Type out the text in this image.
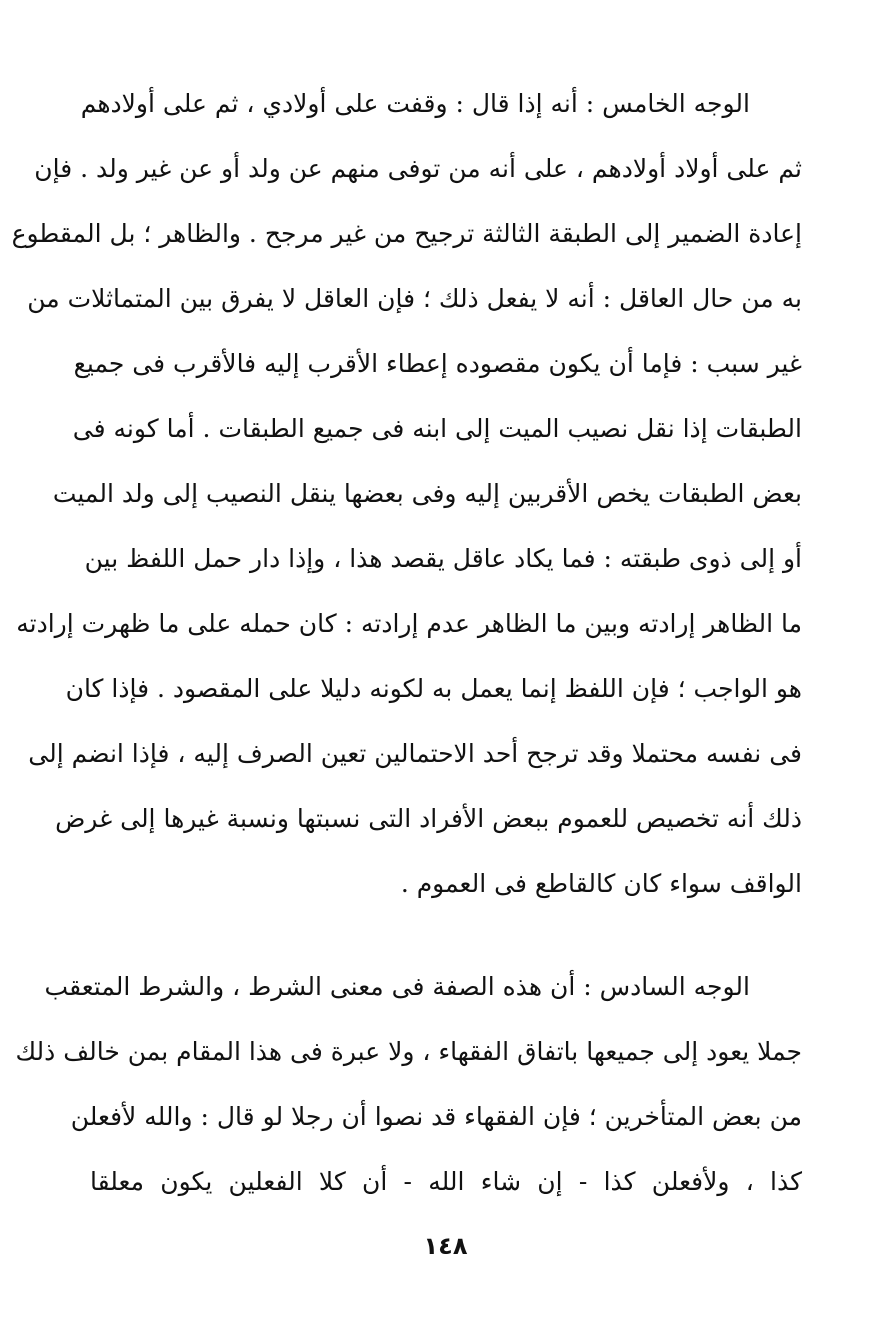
الوجه الخامس : أنه إذا قال : وقفت على أولادي ، ثم على أولادهم
ثم على أولاد أولادهم ، على أنه من توفى منهم عن ولد أو عن غير ولد . فإن
إعادة الضمير إلى الطبقة الثالثة ترجيح من غير مرجح . والظاهر ؛ بل المقطوع
به من حال العاقل : أنه لا يفعل ذلك ؛ فإن العاقل لا يفرق بين المتماثلات من
غير سبب : فإما أن يكون مقصوده إعطاء الأقرب إليه فالأقرب فى جميع
الطبقات إذا نقل نصيب الميت إلى ابنه فى جميع الطبقات . أما كونه فى
بعض الطبقات يخص الأقربين إليه وفى بعضها ينقل النصيب إلى ولد الميت
أو إلى ذوى طبقته : فما يكاد عاقل يقصد هذا ، وإذا دار حمل اللفظ بين
ما الظاهر إرادته وبين ما الظاهر عدم إرادته : كان حمله على ما ظهرت إرادته
هو الواجب ؛ فإن اللفظ إنما يعمل به لكونه دليلا على المقصود . فإذا كان
فى نفسه محتملا وقد ترجح أحد الاحتمالين تعين الصرف إليه ، فإذا انضم إلى
ذلك أنه تخصيص للعموم ببعض الأفراد التى نسبتها ونسبة غيرها إلى غرض
الواقف سواء كان كالقاطع فى العموم .
الوجه السادس : أن هذه الصفة فى معنى الشرط ، والشرط المتعقب
جملا يعود إلى جميعها باتفاق الفقهاء ، ولا عبرة فى هذا المقام بمن خالف ذلك
من بعض المتأخرين ؛ فإن الفقهاء قد نصوا أن رجلا لو قال : والله لأفعلن
كذا ، ولأفعلن كذا - إن شاء الله - أن كلا الفعلين يكون معلقا
١٤٨
